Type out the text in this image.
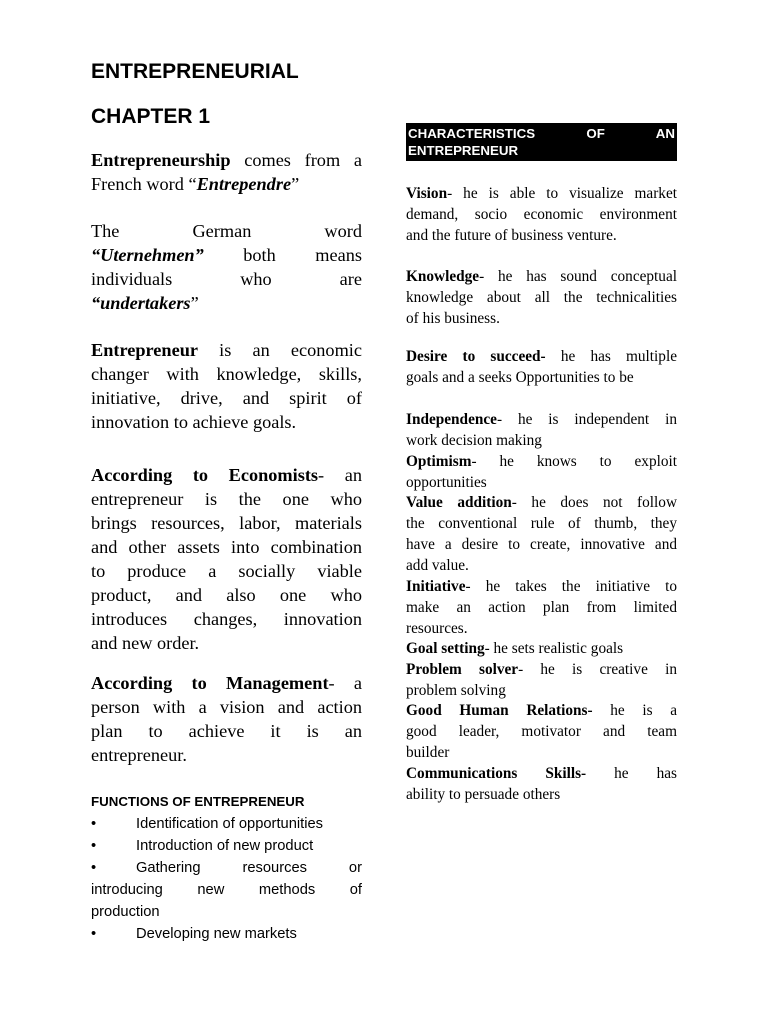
ENTREPRENEURIAL
CHAPTER 1
Entrepreneurship comes from a
French word “Entrependre”
The German word
“Uternehmen” both means
individuals who are
“undertakers”
Entrepreneur is an economic
changer with knowledge, skills,
initiative, drive, and spirit of
innovation to achieve goals.
According to Economists- an
entrepreneur is the one who
brings resources, labor, materials
and other assets into combination
to produce a socially viable
product, and also one who
introduces changes, innovation
and new order.
According to Management- a
person with a vision and action
plan to achieve it is an
entrepreneur.
FUNCTIONS OF ENTREPRENEUR
•	Identification of opportunities
•	Introduction of new product
•	Gathering resources or
introducing new methods of
production
•	Developing new markets
CHARACTERISTICS OF AN
ENTREPRENEUR
Vision- he is able to visualize market
demand, socio economic environment
and the future of business venture.
Knowledge- he has sound conceptual
knowledge about all the technicalities
of his business.
Desire to succeed- he has multiple
goals and a seeks Opportunities to be
Independence- he is independent in
work decision making
Optimism- he knows to exploit
opportunities
Value addition- he does not follow
the conventional rule of thumb, they
have a desire to create, innovative and
add value.
Initiative- he takes the initiative to
make an action plan from limited
resources.
Goal setting- he sets realistic goals
Problem solver- he is creative in
problem solving
Good Human Relations- he is a
good leader, motivator and team
builder
Communications Skills- he has
ability to persuade others
